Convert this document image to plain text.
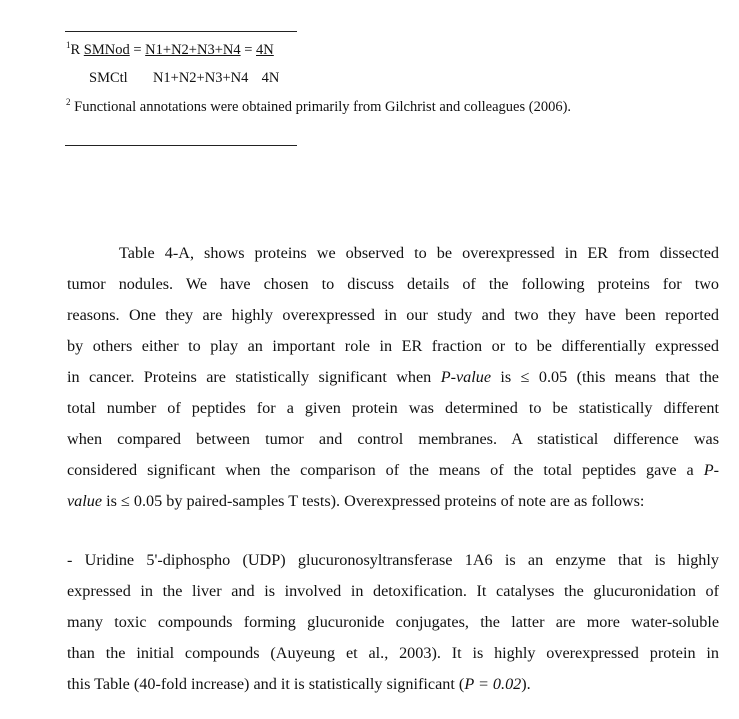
$^1$R SMNod = N1+N2+N3+N4 = 4N
SMCtl N1+N2+N3+N4 4N
$^2$ Functional annotations were obtained primarily from Gilchrist and colleagues (2006).
Table 4-A, shows proteins we observed to be overexpressed in ER from dissected
tumor nodules. We have chosen to discuss details of the following proteins for two
reasons. One they are highly overexpressed in our study and two they have been reported
by others either to play an important role in ER fraction or to be differentially expressed
in cancer. Proteins are statistically significant when P-value is ≤ 0.05 (this means that the
total number of peptides for a given protein was determined to be statistically different
when compared between tumor and control membranes. A statistical difference was
considered significant when the comparison of the means of the total peptides gave a P-
value is ≤ 0.05 by paired-samples T tests). Overexpressed proteins of note are as follows:
- Uridine 5'-diphospho (UDP) glucuronosyltransferase 1A6 is an enzyme that is highly
expressed in the liver and is involved in detoxification. It catalyses the glucuronidation of
many toxic compounds forming glucuronide conjugates, the latter are more water-soluble
than the initial compounds (Auyeung et al., 2003). It is highly overexpressed protein in
this Table (40-fold increase) and it is statistically significant (P = 0.02).
